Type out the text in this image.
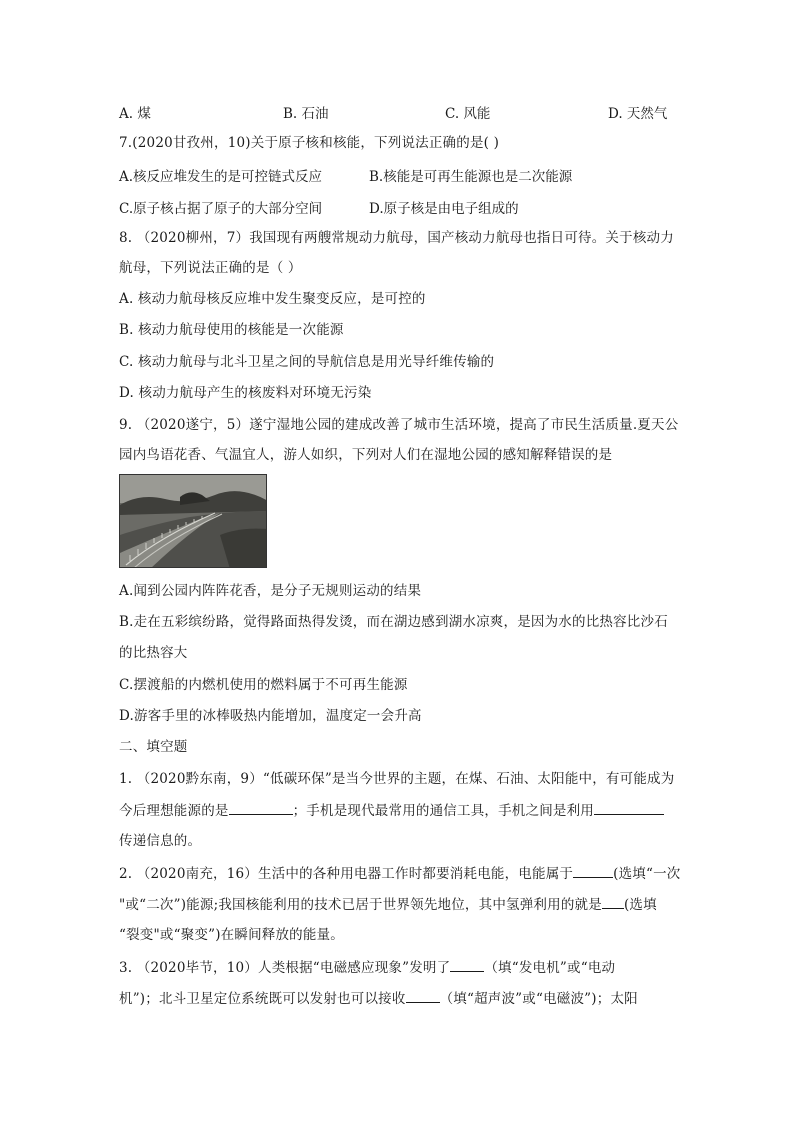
A. 煤	B. 石油	C. 风能	D. 天然气
7.(2020甘孜州，10)关于原子核和核能，下列说法正确的是( )
A.核反应堆发生的是可控链式反应	B.核能是可再生能源也是二次能源
C.原子核占据了原子的大部分空间	D.原子核是由电子组成的
8. （2020柳州，7）我国现有两艘常规动力航母，国产核动力航母也指日可待。关于核动力
航母，下列说法正确的是（ ）
A. 核动力航母核反应堆中发生聚变反应，是可控的
B. 核动力航母使用的核能是一次能源
C. 核动力航母与北斗卫星之间的导航信息是用光导纤维传输的
D. 核动力航母产生的核废料对环境无污染
9. （2020遂宁，5）遂宁湿地公园的建成改善了城市生活环境，提高了市民生活质量.夏天公
园内鸟语花香、气温宜人，游人如织，下列对人们在湿地公园的感知解释错误的是
A.闻到公园内阵阵花香，是分子无规则运动的结果
B.走在五彩缤纷路，觉得路面热得发烫，而在湖边感到湖水凉爽，是因为水的比热容比沙石
的比热容大
C.摆渡船的内燃机使用的燃料属于不可再生能源
D.游客手里的冰棒吸热内能增加，温度定一会升高
二、填空题
1. （2020黔东南，9）“低碳环保”是当今世界的主题，在煤、石油、太阳能中，有可能成为
今后理想能源的是	；手机是现代最常用的通信工具，手机之间是利用
传递信息的。
2. （2020南充，16）生活中的各种用电器工作时都要消耗电能，电能属于	(选填“一次
"或“二次”)能源;我国核能利用的技术已居于世界领先地位，其中氢弹利用的就是 (选填
“裂变"或“聚变”)在瞬间释放的能量。
3. （2020毕节，10）人类根据“电磁感应现象”发明了	（填“发电机”或“电动
机”)；北斗卫星定位系统既可以发射也可以接收	（填“超声波”或“电磁波”)；太阳
